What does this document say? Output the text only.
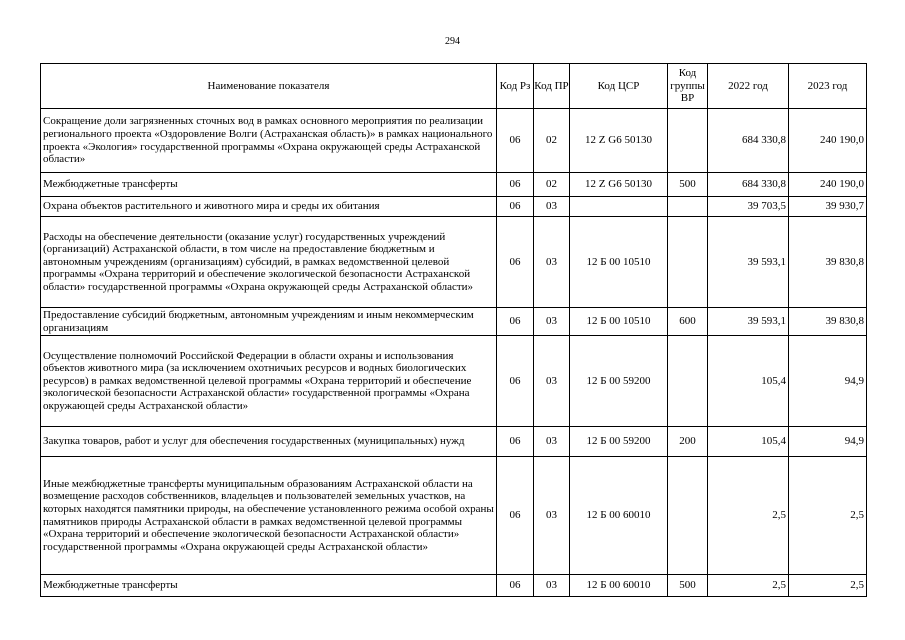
294
Наименование показателя	Код Рз	Код ПР	Код ЦСР	Код группы ВР	2022 год	2023 год
Сокращение доли загрязненных сточных вод в рамках основного мероприятия по реализации регионального проекта «Оздоровление Волги (Астраханская область)» в рамках национального проекта «Экология» государственной программы «Охрана окружающей среды Астраханской области»	06	02	12 Z G6 50130		684 330,8	240 190,0
Межбюджетные трансферты	06	02	12 Z G6 50130	500	684 330,8	240 190,0
Охрана объектов растительного и животного мира и среды их обитания	06	03			39 703,5	39 930,7
Расходы на обеспечение деятельности (оказание услуг) государственных учреждений (организаций) Астраханской области, в том числе на предоставление бюджетным и автономным учреждениям (организациям) субсидий, в рамках ведомственной целевой программы «Охрана территорий и обеспечение экологической безопасности Астраханской области» государственной программы «Охрана окружающей среды Астраханской области»	06	03	12 Б 00 10510		39 593,1	39 830,8
Предоставление субсидий бюджетным, автономным учреждениям и иным некоммерческим организациям	06	03	12 Б 00 10510	600	39 593,1	39 830,8
Осуществление полномочий Российской Федерации в области охраны и использования объектов животного мира (за исключением охотничьих ресурсов и водных биологических ресурсов) в рамках ведомственной целевой программы «Охрана территорий и обеспечение экологической безопасности Астраханской области» государственной программы «Охрана окружающей среды Астраханской области»	06	03	12 Б 00 59200		105,4	94,9
Закупка товаров, работ и услуг для обеспечения государственных (муниципальных) нужд	06	03	12 Б 00 59200	200	105,4	94,9
Иные межбюджетные трансферты муниципальным образованиям Астраханской области на возмещение расходов собственников, владельцев и пользователей земельных участков, на которых находятся памятники природы, на обеспечение установленного режима особой охраны памятников природы Астраханской области в рамках ведомственной целевой программы «Охрана территорий и обеспечение экологической безопасности Астраханской области» государственной программы «Охрана окружающей среды Астраханской области»	06	03	12 Б 00 60010		2,5	2,5
Межбюджетные трансферты	06	03	12 Б 00 60010	500	2,5	2,5
